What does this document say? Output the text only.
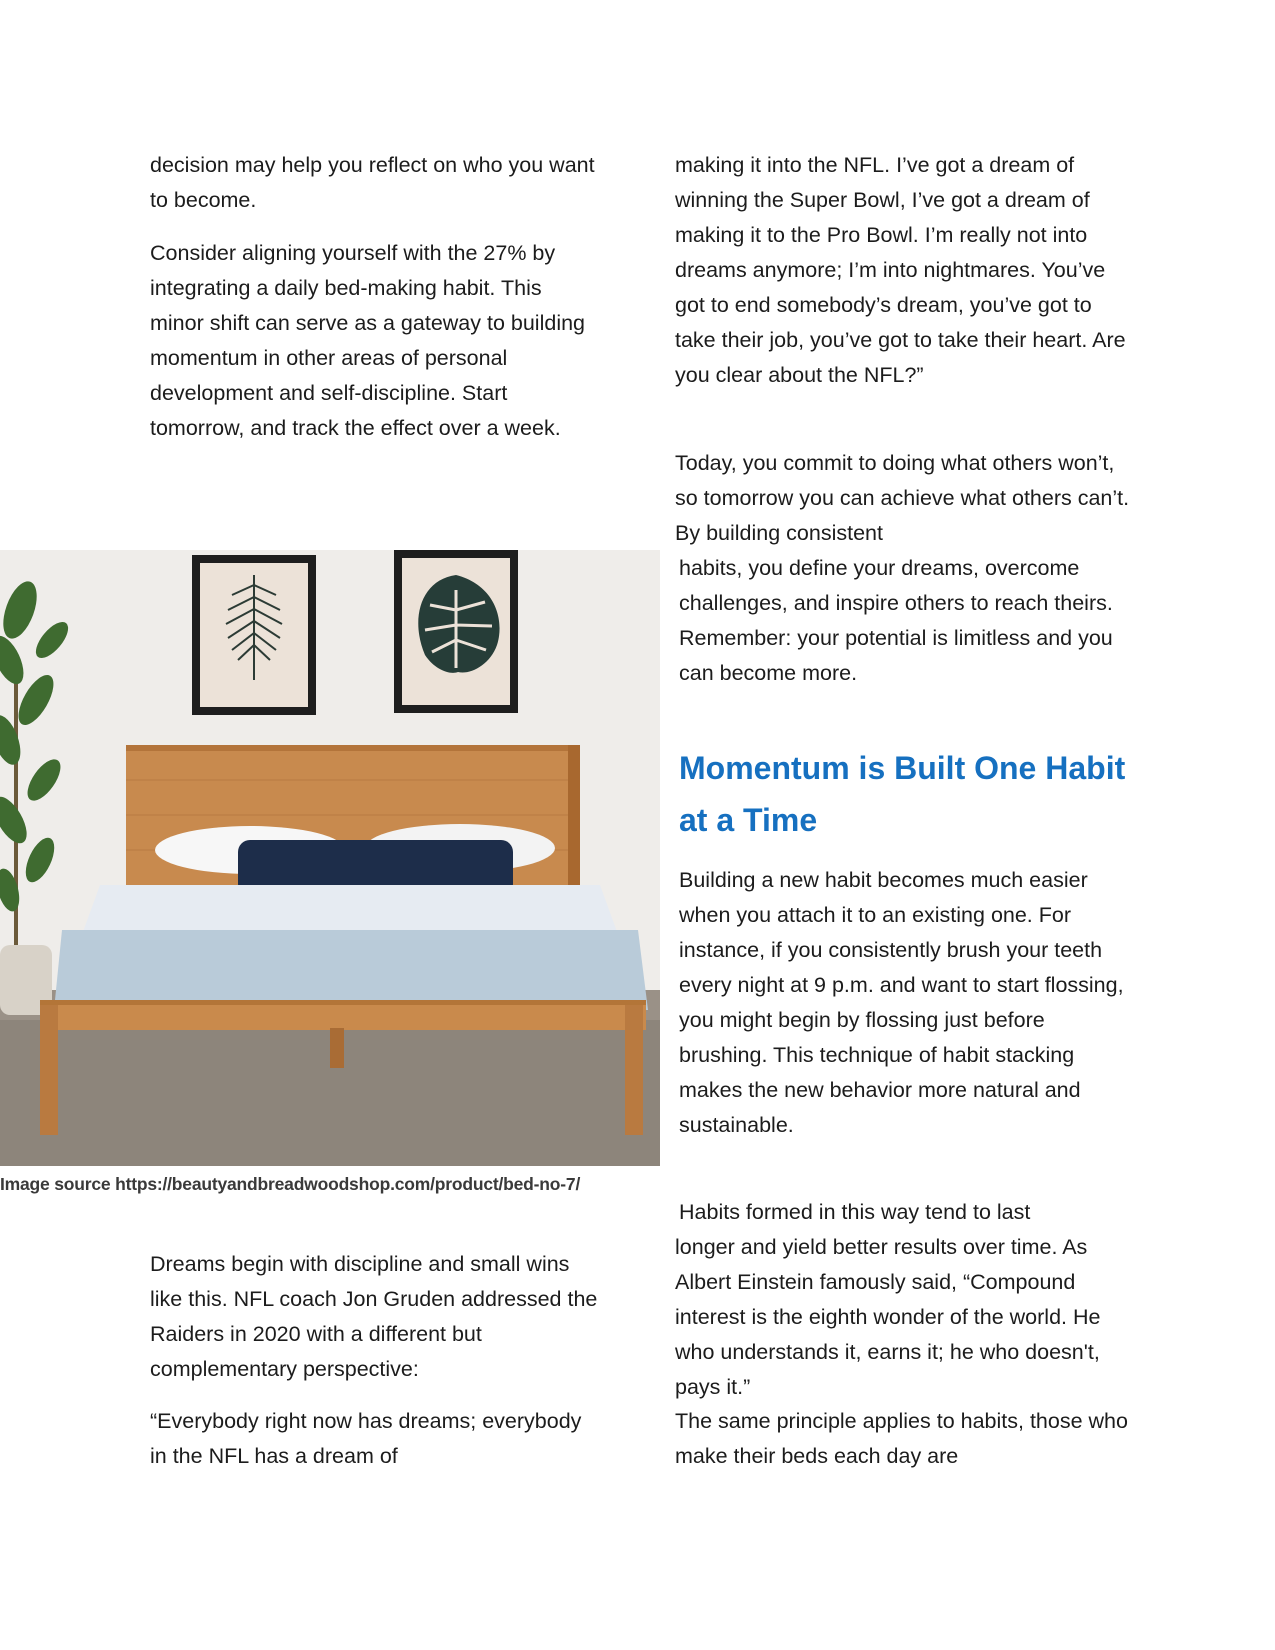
decision may help you reflect on who you want to become.

Consider aligning yourself with the 27% by integrating a daily bed-making habit. This minor shift can serve as a gateway to building momentum in other areas of personal development and self-discipline. Start tomorrow, and track the effect over a week.

Image source https://beautyandbreadwoodshop.com/product/bed-no-7/

Dreams begin with discipline and small wins like this. NFL coach Jon Gruden addressed the Raiders in 2020 with a different but complementary perspective:

“Everybody right now has dreams; everybody in the NFL has a dream of

making it into the NFL. I’ve got a dream of winning the Super Bowl, I’ve got a dream of making it to the Pro Bowl. I’m really not into dreams anymore; I’m into nightmares. You’ve got to end somebody’s dream, you’ve got to take their job, you’ve got to take their heart. Are you clear about the NFL?”

Today, you commit to doing what others won’t, so tomorrow you can achieve what others can’t. By building consistent

habits, you define your dreams, overcome challenges, and inspire others to reach theirs. Remember: your potential is limitless and you can become more.

Momentum is Built One Habit at a Time

Building a new habit becomes much easier when you attach it to an existing one. For instance, if you consistently brush your teeth every night at 9 p.m. and want to start flossing, you might begin by flossing just before brushing. This technique of habit stacking makes the new behavior more natural and sustainable.

Habits formed in this way tend to last

longer and yield better results over time. As Albert Einstein famously said, “Compound interest is the eighth wonder of the world. He who understands it, earns it; he who doesn't, pays it.”

The same principle applies to habits, those who make their beds each day are
